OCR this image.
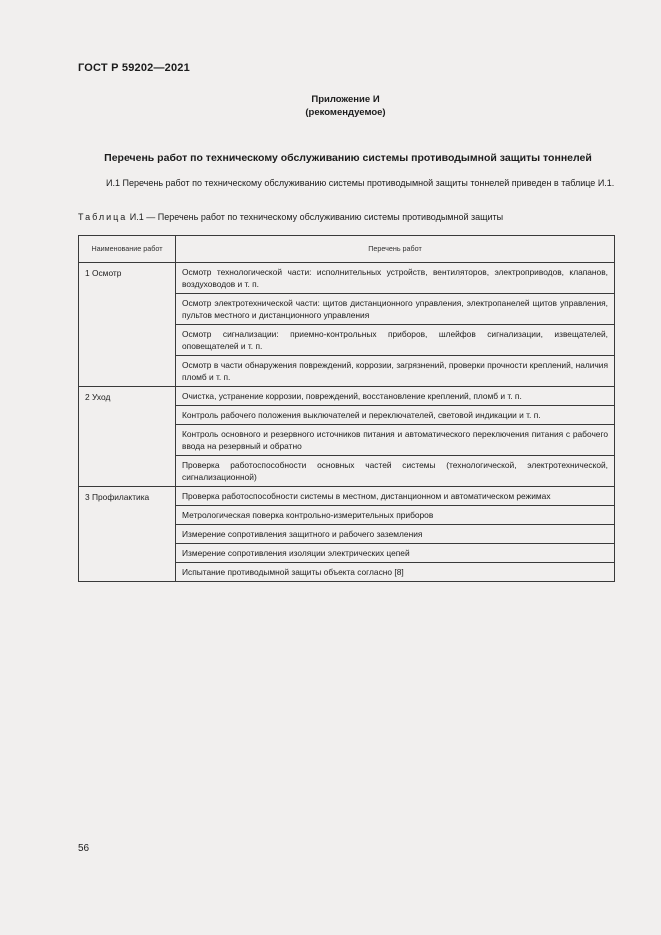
ГОСТ Р 59202—2021
Приложение И
(рекомендуемое)
Перечень работ по техническому обслуживанию системы противодымной защиты тоннелей
И.1 Перечень работ по техническому обслуживанию системы противодымной защиты тоннелей приведен в таблице И.1.
Таблица И.1 — Перечень работ по техническому обслуживанию системы противодымной защиты
Наименование работ	Перечень работ
1 Осмотр	Осмотр технологической части: исполнительных устройств, вентиляторов, электроприводов, клапанов, воздуховодов и т. п.
	Осмотр электротехнической части: щитов дистанционного управления, электропанелей щитов управления, пультов местного и дистанционного управления
	Осмотр сигнализации: приемно-контрольных приборов, шлейфов сигнализации, извещателей, оповещателей и т. п.
	Осмотр в части обнаружения повреждений, коррозии, загрязнений, проверки прочности креплений, наличия пломб и т. п.
2 Уход	Очистка, устранение коррозии, повреждений, восстановление креплений, пломб и т. п.
	Контроль рабочего положения выключателей и переключателей, световой индикации и т. п.
	Контроль основного и резервного источников питания и автоматического переключения питания с рабочего ввода на резервный и обратно
	Проверка работоспособности основных частей системы (технологической, электротехнической, сигнализационной)
3 Профилактика	Проверка работоспособности системы в местном, дистанционном и автоматическом режимах
	Метрологическая поверка контрольно-измерительных приборов
	Измерение сопротивления защитного и рабочего заземления
	Измерение сопротивления изоляции электрических цепей
	Испытание противодымной защиты объекта согласно [8]
56
